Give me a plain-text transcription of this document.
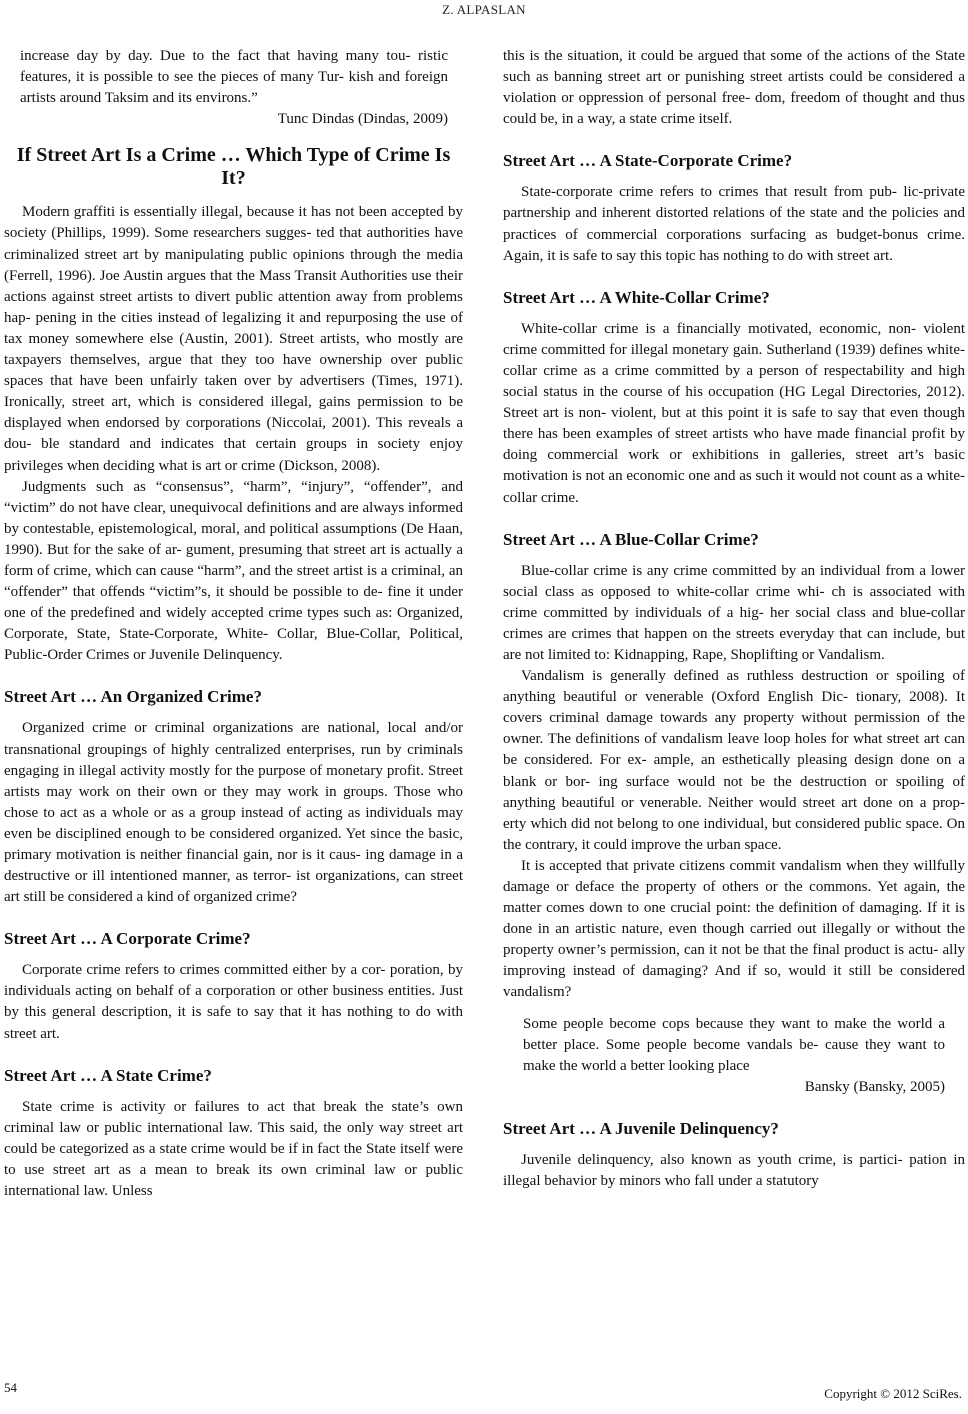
Z. ALPASLAN
increase day by day. Due to the fact that having many tou- ristic features, it is possible to see the pieces of many Tur- kish and foreign artists around Taksim and its environs.”
Tunc Dindas (Dindas, 2009)
If Street Art Is a Crime … Which Type of Crime Is It?

Modern graffiti is essentially illegal, because it has not been accepted by society (Phillips, 1999). Some researchers sugges- ted that authorities have criminalized street art by manipulating public opinions through the media (Ferrell, 1996). Joe Austin argues that the Mass Transit Authorities use their actions against street artists to divert public attention away from problems hap- pening in the cities instead of legalizing it and repurposing the use of tax money somewhere else (Austin, 2001). Street artists, who mostly are taxpayers themselves, argue that they too have ownership over public spaces that have been unfairly taken over by advertisers (Times, 1971). Ironically, street art, which is considered illegal, gains permission to be displayed when endorsed by corporations (Niccolai, 2001). This reveals a dou- ble standard and indicates that certain groups in society enjoy privileges when deciding what is art or crime (Dickson, 2008).

Judgments such as “consensus”, “harm”, “injury”, “offender”, and “victim” do not have clear, unequivocal definitions and are always informed by contestable, epistemological, moral, and political assumptions (De Haan, 1990). But for the sake of ar- gument, presuming that street art is actually a form of crime, which can cause “harm”, and the street artist is a criminal, an “offender” that offends “victim”s, it should be possible to de- fine it under one of the predefined and widely accepted crime types such as: Organized, Corporate, State, State-Corporate, White- Collar, Blue-Collar, Political, Public-Order Crimes or Juvenile Delinquency.

Street Art … An Organized Crime?

Organized crime or criminal organizations are national, local and/or transnational groupings of highly centralized enterprises, run by criminals engaging in illegal activity mostly for the purpose of monetary profit. Street artists may work on their own or they may work in groups. Those who chose to act as a whole or as a group instead of acting as individuals may even be disciplined enough to be considered organized. Yet since the basic, primary motivation is neither financial gain, nor is it caus- ing damage in a destructive or ill intentioned manner, as terror- ist organizations, can street art still be considered a kind of organized crime?

Street Art … A Corporate Crime?

Corporate crime refers to crimes committed either by a cor- poration, by individuals acting on behalf of a corporation or other business entities. Just by this general description, it is safe to say that it has nothing to do with street art.

Street Art … A State Crime?

State crime is activity or failures to act that break the state’s own criminal law or public international law. This said, the only way street art could be categorized as a state crime would be if in fact the State itself were to use street art as a mean to break its own criminal law or public international law. Unless

this is the situation, it could be argued that some of the actions of the State such as banning street art or punishing street artists could be considered a violation or oppression of personal free- dom, freedom of thought and thus could be, in a way, a state crime itself.

Street Art … A State-Corporate Crime?

State-corporate crime refers to crimes that result from pub- lic-private partnership and inherent distorted relations of the state and the policies and practices of commercial corporations surfacing as budget-bonus crime. Again, it is safe to say this topic has nothing to do with street art.

Street Art … A White-Collar Crime?

White-collar crime is a financially motivated, economic, non- violent crime committed for illegal monetary gain. Sutherland (1939) defines white-collar crime as a crime committed by a person of respectability and high social status in the course of his occupation (HG Legal Directories, 2012). Street art is non- violent, but at this point it is safe to say that even though there has been examples of street artists who have made financial profit by doing commercial work or exhibitions in galleries, street art’s basic motivation is not an economic one and as such it would not count as a white-collar crime.

Street Art … A Blue-Collar Crime?

Blue-collar crime is any crime committed by an individual from a lower social class as opposed to white-collar crime whi- ch is associated with crime committed by individuals of a hig- her social class and blue-collar crimes are crimes that happen on the streets everyday that can include, but are not limited to: Kidnapping, Rape, Shoplifting or Vandalism.

Vandalism is generally defined as ruthless destruction or spoiling of anything beautiful or venerable (Oxford English Dic- tionary, 2008). It covers criminal damage towards any property without permission of the owner. The definitions of vandalism leave loop holes for what street art can be considered. For ex- ample, an esthetically pleasing design done on a blank or bor- ing surface would not be the destruction or spoiling of anything beautiful or venerable. Neither would street art done on a prop- erty which did not belong to one individual, but considered public space. On the contrary, it could improve the urban space.

It is accepted that private citizens commit vandalism when they willfully damage or deface the property of others or the commons. Yet again, the matter comes down to one crucial point: the definition of damaging. If it is done in an artistic nature, even though carried out illegally or without the property owner’s permission, can it not be that the final product is actu- ally improving instead of damaging? And if so, would it still be considered vandalism?

Some people become cops because they want to make the world a better place. Some people become vandals be- cause they want to make the world a better looking place
Bansky (Bansky, 2005)
Street Art … A Juvenile Delinquency?

Juvenile delinquency, also known as youth crime, is partici- pation in illegal behavior by minors who fall under a statutory

54	Copyright © 2012 SciRes.
